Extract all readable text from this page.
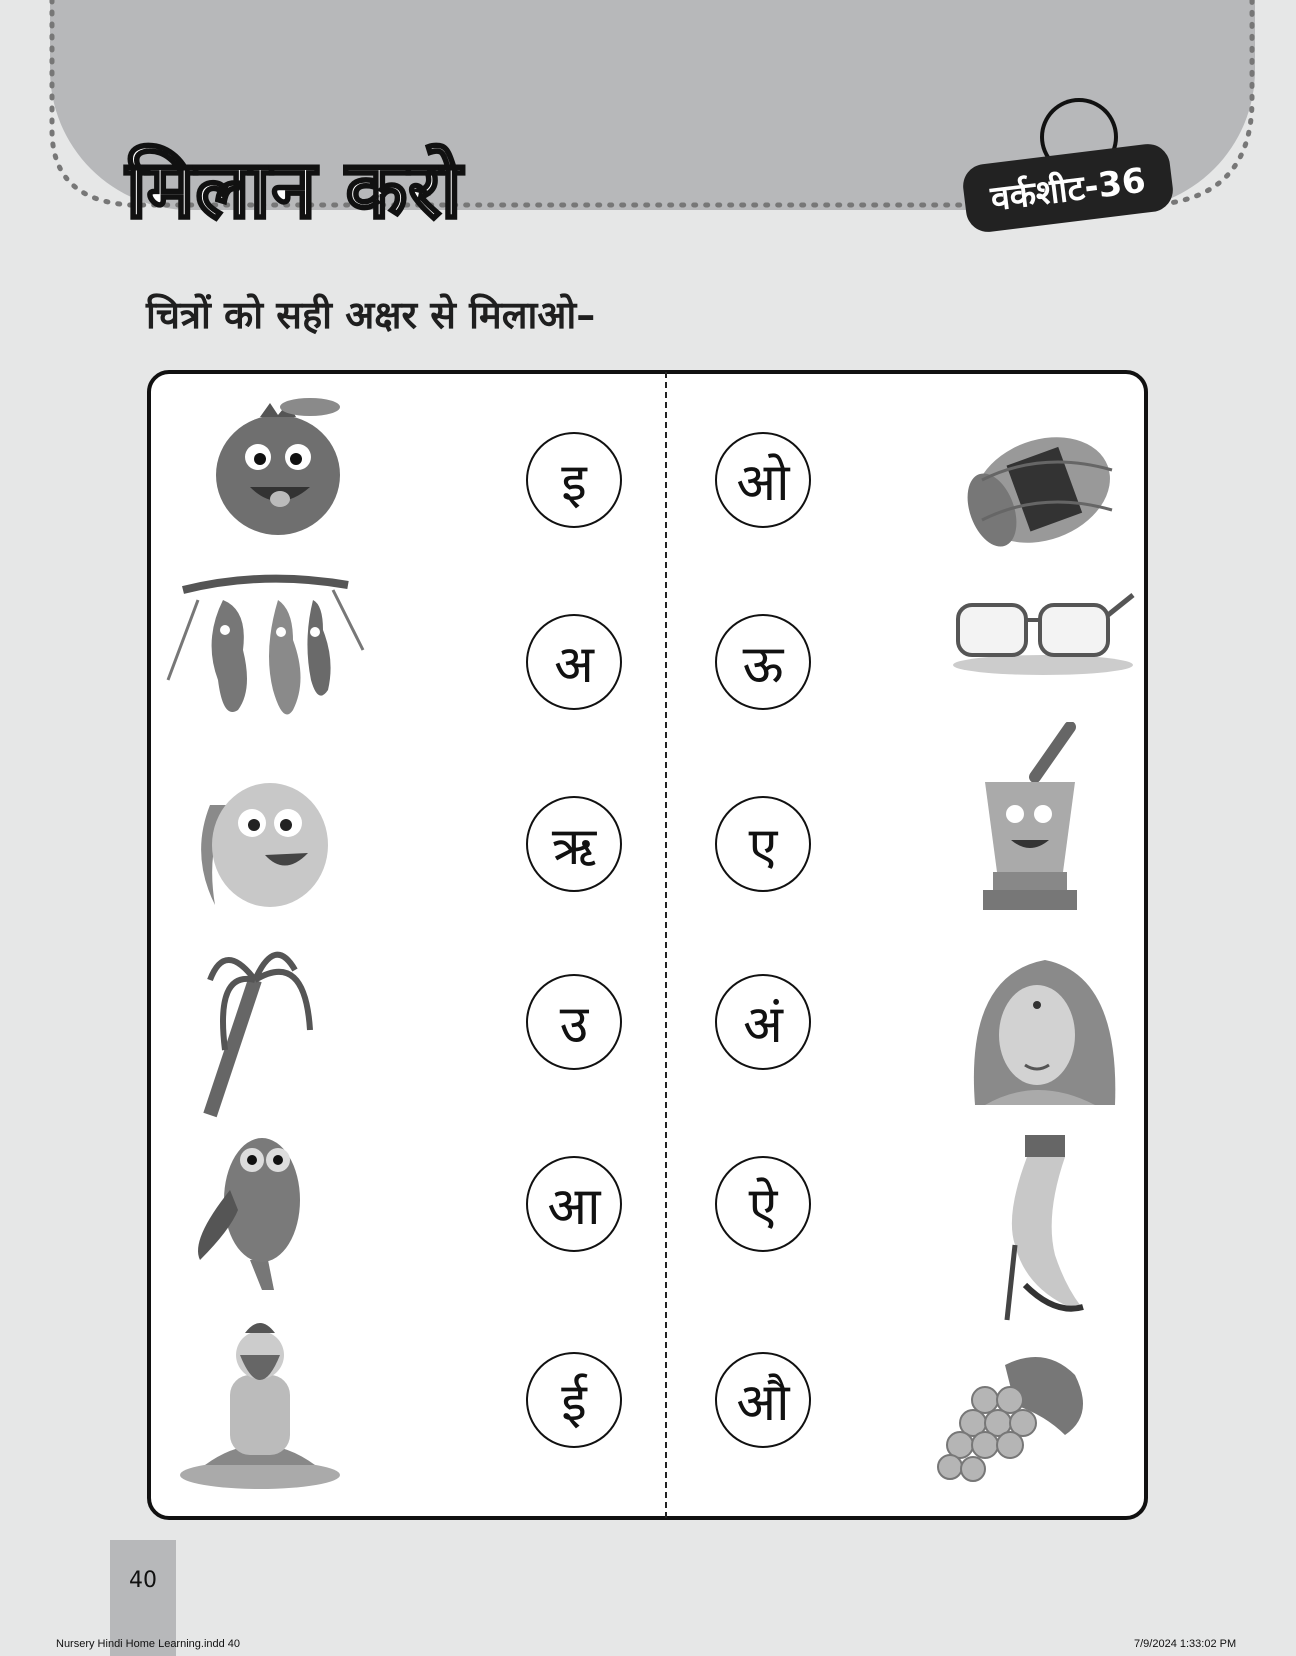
मिलान करो	वर्कशीट-36
चित्रों को सही अक्षर से मिलाओ–
इ
अ
ऋ
उ
आ
ई
ओ
ऊ
ए
अं
ऐ
औ
40
Nursery Hindi Home Learning.indd 40	7/9/2024 1:33:02 PM
